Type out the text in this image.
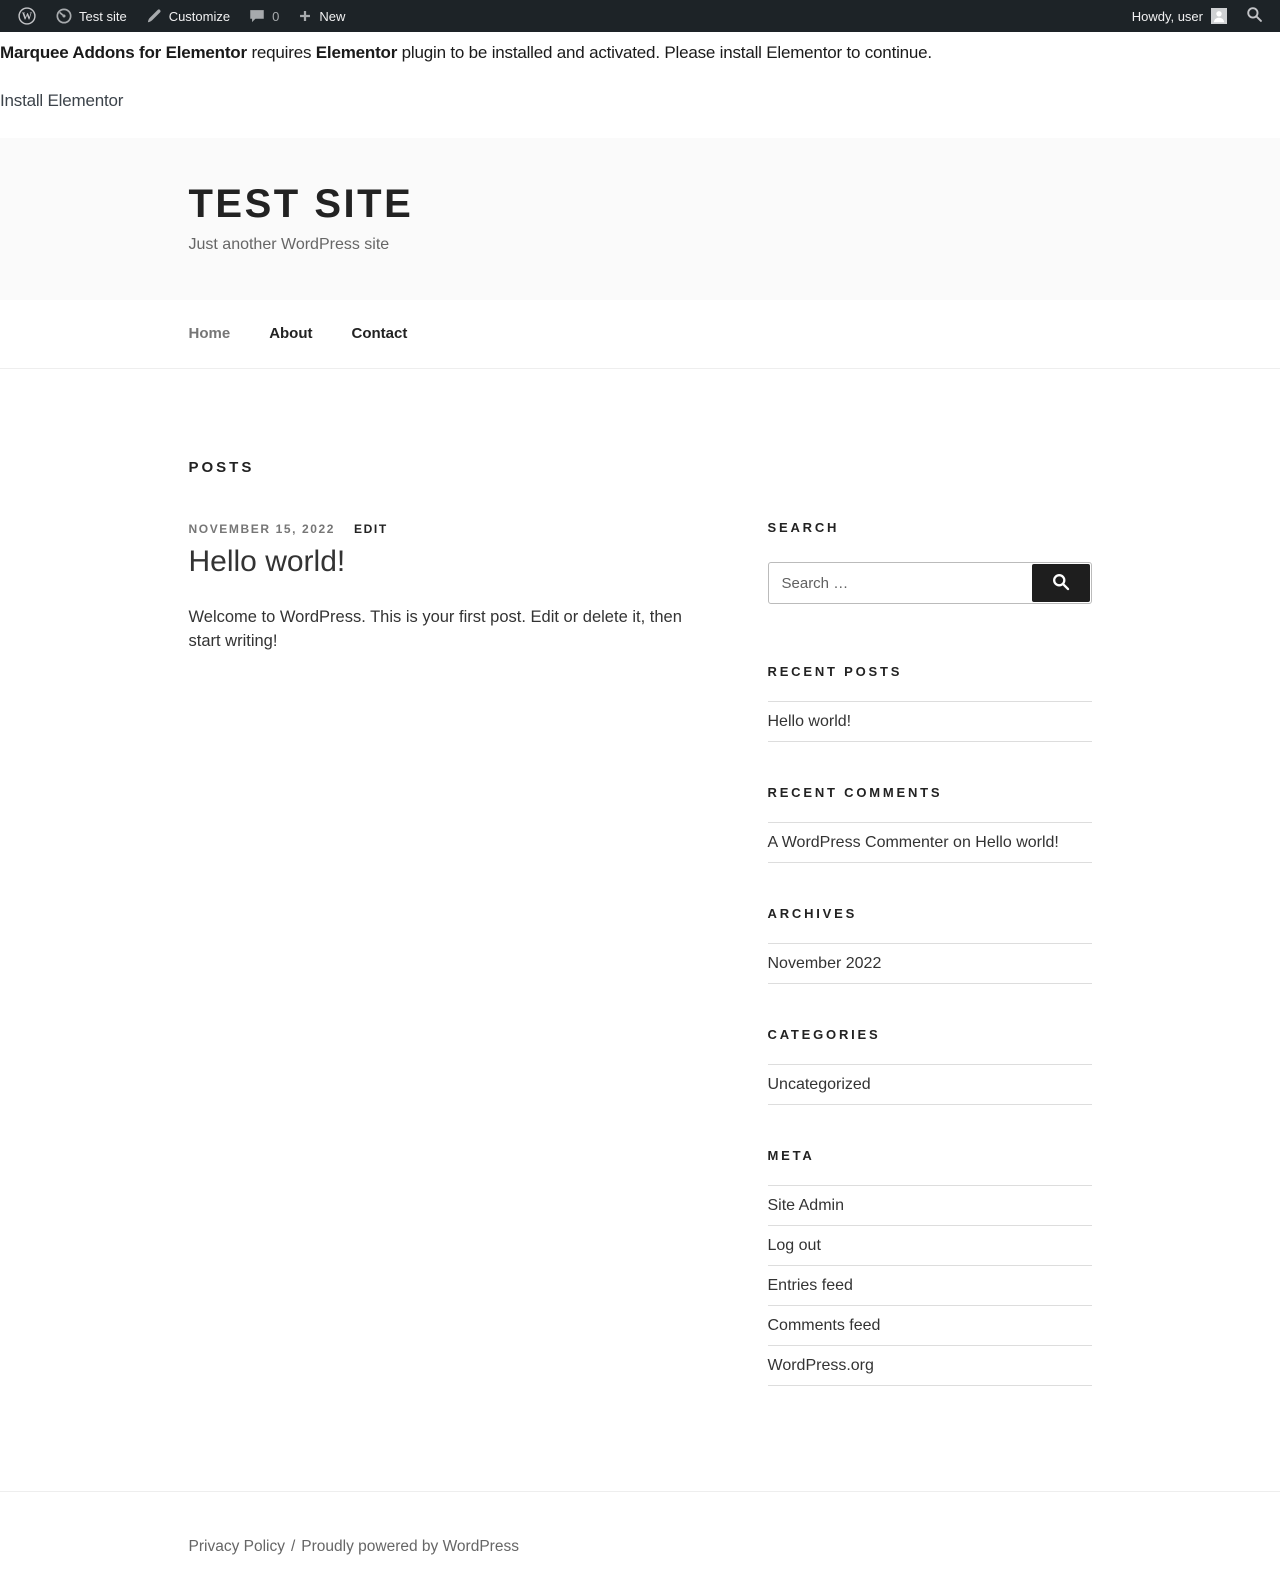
W	Test site	Customize	0	New	Howdy, user

Marquee Addons for Elementor requires Elementor plugin to be installed and activated. Please install Elementor to continue.

Install Elementor

TEST SITE

Just another WordPress site

Home	About	Contact
POSTS
NOVEMBER 15, 2022 EDIT
Hello world!

Welcome to WordPress. This is your first post. Edit or delete it, then start writing!

SEARCH
Search …
RECENT POSTS
Hello world!
RECENT COMMENTS
A WordPress Commenter on Hello world!
ARCHIVES
November 2022
CATEGORIES
Uncategorized
META
Site Admin
Log out
Entries feed
Comments feed
WordPress.org
Privacy Policy / Proudly powered by WordPress
